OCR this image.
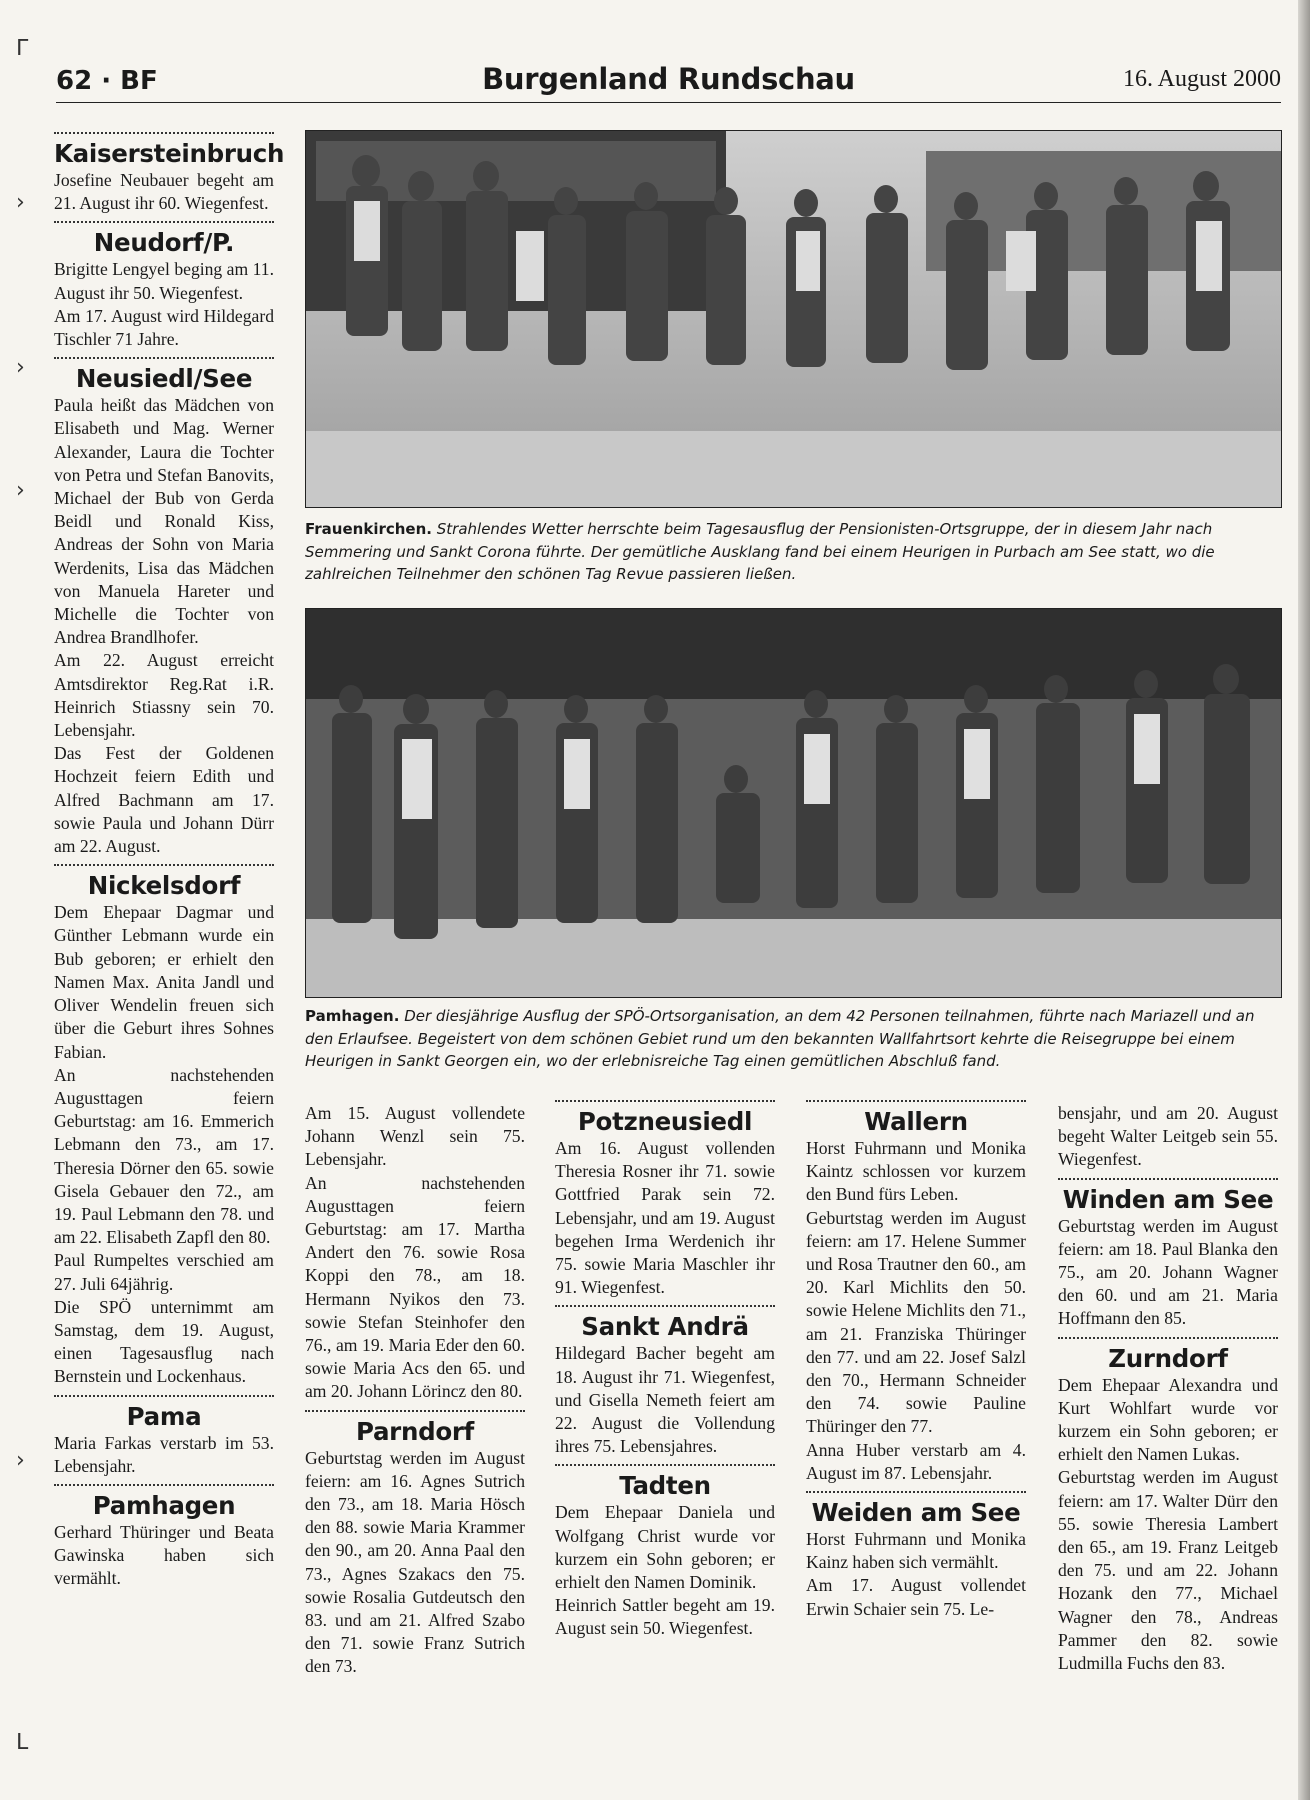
62 · BF	Burgenland Rundschau	16. August 2000
ᒥ
›
›
›
›
ᒪ
Frauenkirchen. Strahlendes Wetter herrschte beim Tagesausflug der Pensionisten-Ortsgruppe, der in diesem Jahr nach Semmering und Sankt Corona führte. Der gemütliche Ausklang fand bei einem Heurigen in Purbach am See statt, wo die zahlreichen Teilnehmer den schönen Tag Revue passieren ließen.
Pamhagen. Der diesjährige Ausflug der SPÖ-Ortsorganisation, an dem 42 Personen teilnahmen, führte nach Mariazell und an den Erlaufsee. Begeistert von dem schönen Gebiet rund um den bekannten Wallfahrtsort kehrte die Reisegruppe bei einem Heurigen in Sankt Georgen ein, wo der erlebnisreiche Tag einen gemütlichen Abschluß fand.
Kaisersteinbruch

Josefine Neubauer begeht am 21. August ihr 60. Wiegenfest.

Neudorf/P.

Brigitte Lengyel beging am 11. August ihr 50. Wiegenfest.

Am 17. August wird Hildegard Tischler 71 Jahre.

Neusiedl/See

Paula heißt das Mädchen von Elisabeth und Mag. Werner Alexander, Laura die Tochter von Petra und Stefan Banovits, Michael der Bub von Gerda Beidl und Ronald Kiss, Andreas der Sohn von Maria Werdenits, Lisa das Mädchen von Manuela Hareter und Michelle die Tochter von Andrea Brandlhofer.

Am 22. August erreicht Amtsdirektor Reg.Rat i.R. Heinrich Stiassny sein 70. Lebensjahr.

Das Fest der Goldenen Hochzeit feiern Edith und Alfred Bachmann am 17. sowie Paula und Johann Dürr am 22. August.

Nickelsdorf

Dem Ehepaar Dagmar und Günther Lebmann wurde ein Bub geboren; er erhielt den Namen Max. Anita Jandl und Oliver Wendelin freuen sich über die Geburt ihres Sohnes Fabian.

An nachstehenden Augusttagen feiern Geburtstag: am 16. Emmerich Lebmann den 73., am 17. Theresia Dörner den 65. sowie Gisela Gebauer den 72., am 19. Paul Lebmann den 78. und am 22. Elisabeth Zapfl den 80.

Paul Rumpeltes verschied am 27. Juli 64jährig.

Die SPÖ unternimmt am Samstag, dem 19. August, einen Tagesausflug nach Bernstein und Lockenhaus.

Pama

Maria Farkas verstarb im 53. Lebensjahr.

Pamhagen

Gerhard Thüringer und Beata Gawinska haben sich vermählt.

Am 15. August vollendete Johann Wenzl sein 75. Lebensjahr.

An nachstehenden Augusttagen feiern Geburtstag: am 17. Martha Andert den 76. sowie Rosa Koppi den 78., am 18. Hermann Nyikos den 73. sowie Stefan Steinhofer den 76., am 19. Maria Eder den 60. sowie Maria Acs den 65. und am 20. Johann Lörincz den 80.

Parndorf

Geburtstag werden im August feiern: am 16. Agnes Sutrich den 73., am 18. Maria Hösch den 88. sowie Maria Krammer den 90., am 20. Anna Paal den 73., Agnes Szakacs den 75. sowie Rosalia Gutdeutsch den 83. und am 21. Alfred Szabo den 71. sowie Franz Sutrich den 73.

Potzneusiedl

Am 16. August vollenden Theresia Rosner ihr 71. sowie Gottfried Parak sein 72. Lebensjahr, und am 19. August begehen Irma Werdenich ihr 75. sowie Maria Maschler ihr 91. Wiegenfest.

Sankt Andrä

Hildegard Bacher begeht am 18. August ihr 71. Wiegenfest, und Gisella Nemeth feiert am 22. August die Vollendung ihres 75. Lebensjahres.

Tadten

Dem Ehepaar Daniela und Wolfgang Christ wurde vor kurzem ein Sohn geboren; er erhielt den Namen Dominik.

Heinrich Sattler begeht am 19. August sein 50. Wiegenfest.

Wallern

Horst Fuhrmann und Monika Kaintz schlossen vor kurzem den Bund fürs Leben.

Geburtstag werden im August feiern: am 17. Helene Summer und Rosa Trautner den 60., am 20. Karl Michlits den 50. sowie Helene Michlits den 71., am 21. Franziska Thüringer den 77. und am 22. Josef Salzl den 70., Hermann Schneider den 74. sowie Pauline Thüringer den 77.

Anna Huber verstarb am 4. August im 87. Lebensjahr.

Weiden am See

Horst Fuhrmann und Monika Kainz haben sich vermählt.

Am 17. August vollendet Erwin Schaier sein 75. Le-

bensjahr, und am 20. August begeht Walter Leitgeb sein 55. Wiegenfest.

Winden am See

Geburtstag werden im August feiern: am 18. Paul Blanka den 75., am 20. Johann Wagner den 60. und am 21. Maria Hoffmann den 85.

Zurndorf

Dem Ehepaar Alexandra und Kurt Wohlfart wurde vor kurzem ein Sohn geboren; er erhielt den Namen Lukas.

Geburtstag werden im August feiern: am 17. Walter Dürr den 55. sowie Theresia Lambert den 65., am 19. Franz Leitgeb den 75. und am 22. Johann Hozank den 77., Michael Wagner den 78., Andreas Pammer den 82. sowie Ludmilla Fuchs den 83.
